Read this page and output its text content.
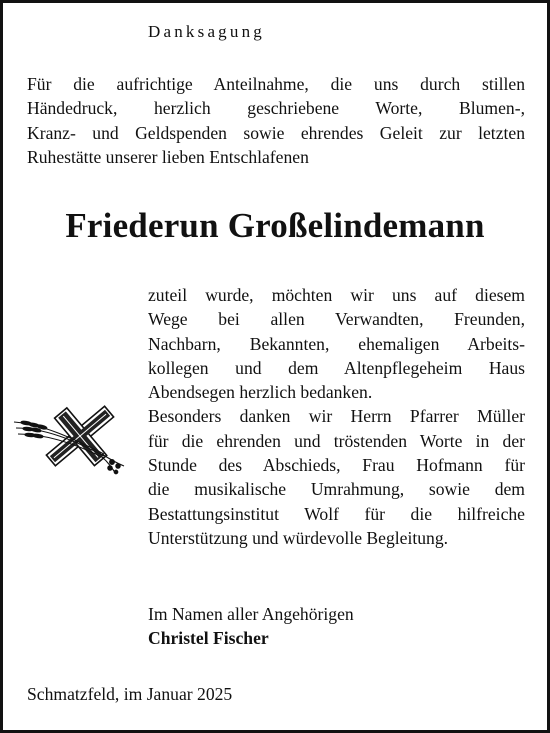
Danksagung
Für die aufrichtige Anteilnahme, die uns durch stillen
Händedruck, herzlich geschriebene Worte, Blumen-,
Kranz- und Geldspenden sowie ehrendes Geleit zur letzten
Ruhestätte unserer lieben Entschlafenen
Friederun Großelindemann
zuteil wurde, möchten wir uns auf diesem
Wege bei allen Verwandten, Freunden,
Nachbarn, Bekannten, ehemaligen Arbeits-
kollegen und dem Altenpflegeheim Haus
Abendsegen herzlich bedanken.
Besonders danken wir Herrn Pfarrer Müller
für die ehrenden und tröstenden Worte in der
Stunde des Abschieds, Frau Hofmann für
die musikalische Umrahmung, sowie dem
Bestattungsinstitut Wolf für die hilfreiche
Unterstützung und würdevolle Begleitung.
Im Namen aller Angehörigen
Christel Fischer
Schmatzfeld, im Januar 2025
